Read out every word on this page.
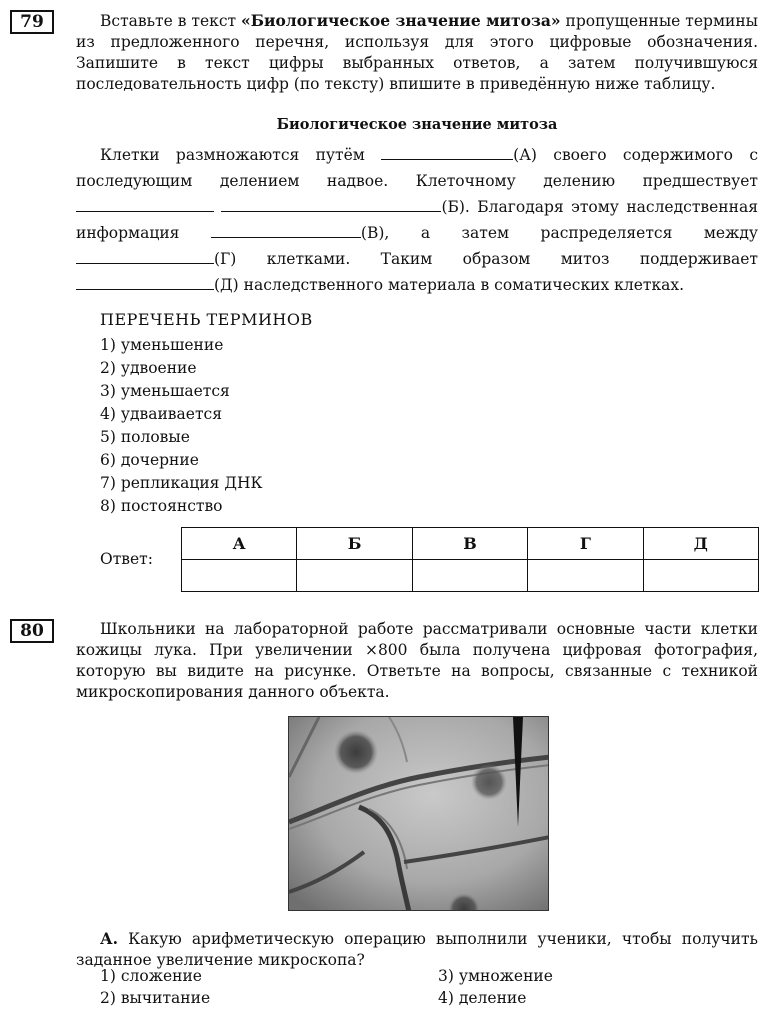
79	Вставьте в текст «Биологическое значение митоза» пропущенные термины из предложенного перечня, используя для этого цифровые обозначения. Запишите в текст цифры выбранных ответов, а затем получившуюся последовательность цифр (по тексту) впишите в приведённую ниже таблицу.
Биологическое значение митоза
Клетки размножаются путём	(А) своего содержимого с последующим делением надвое. Клеточному делению предшествует  (Б). Благодаря этому наследственная информация	(В), а затем распределяется между (Г) клетками. Таким образом митоз поддерживает (Д) наследственного материала в соматических клетках.
ПЕРЕЧЕНЬ ТЕРМИНОВ
1) уменьшение
2) удвоение
3) уменьшается
4) удваивается
5) половые
6) дочерние
7) репликация ДНК
8) постоянство
Ответ:
А	Б	В	Г	Д

80	Школьники на лабораторной работе рассматривали основные части клетки кожицы лука. При увеличении ×800 была получена цифровая фотография, которую вы видите на рисунке. Ответьте на вопросы, связанные с техникой микроскопирования данного объекта.
А. Какую арифметическую операцию выполнили ученики, чтобы получить заданное увеличение микроскопа?
1) сложение
2) вычитание
3) умножение
4) деление
